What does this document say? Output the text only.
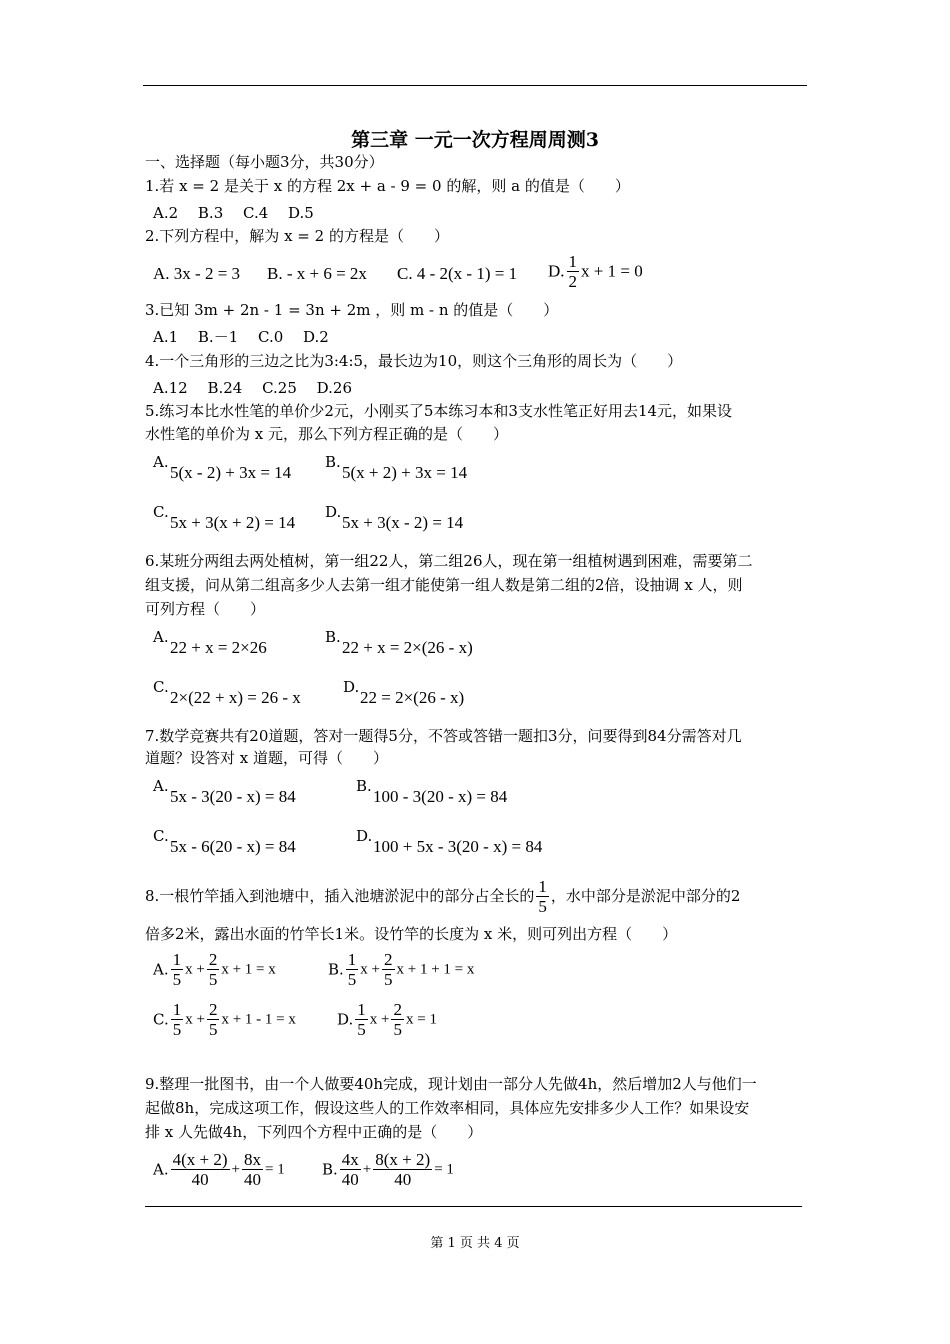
第三章 一元一次方程周周测3
一、选择题（每小题3分，共30分）
1.若 x = 2 是关于 x 的方程 2x + a - 9 = 0 的解，则 a 的值是（　　）
A.2　 B.3　 C.4　 D.5
2.下列方程中，解为 x = 2 的方程是（　　）
A. 3x - 2 = 3 B. - x + 6 = 2x C. 4 - 2(x - 1) = 1 D. $\frac{1}{2}$ x + 1 = 0
3.已知 3m + 2n - 1 = 3n + 2m ，则 m - n 的值是（　　）
A.1　 B.－1　 C.0　 D.2
4.一个三角形的三边之比为3:4:5，最长边为10，则这个三角形的周长为（　　）
A.12　 B.24　 C.25　 D.26
5.练习本比水性笔的单价少2元，小刚买了5本练习本和3支水性笔正好用去14元，如果设
水性笔的单价为 x 元，那么下列方程正确的是（　　）
A.
5(x - 2) + 3x = 14
B.
5(x + 2) + 3x = 14
C.
5x + 3(x + 2) = 14
D.
5x + 3(x - 2) = 14
6.某班分两组去两处植树，第一组22人，第二组26人，现在第一组植树遇到困难，需要第二
组支援，问从第二组高多少人去第一组才能使第一组人数是第二组的2倍，设抽调 x 人，则
可列方程（　　）
A.
22 + x = 2×26
B.
22 + x = 2×(26 - x)
C.
2×(22 + x) = 26 - x
D.
22 = 2×(26 - x)
7.数学竞赛共有20道题，答对一题得5分，不答或答错一题扣3分，问要得到84分需答对几
道题？设答对 x 道题，可得（　　）
A.
5x - 3(20 - x) = 84
B.
100 - 3(20 - x) = 84
C.
5x - 6(20 - x) = 84
D.
100 + 5x - 3(20 - x) = 84
8.一根竹竿插入到池塘中，插入池塘淤泥中的部分占全长的 $\frac{1}{5}$ ，水中部分是淤泥中部分的2
倍多2米，露出水面的竹竿长1米。设竹竿的长度为 x 米，则可列出方程（　　）
A. $\frac{1}{5}$ $x + \frac{2}{5}$ x + 1 = x	B. $\frac{1}{5}$ $x + \frac{2}{5}$ x + 1 + 1 = x
C. $\frac{1}{5}$ $x + \frac{2}{5}$ x + 1 - 1 = x	D. $\frac{1}{5}$ $x + \frac{2}{5}$ x = 1
9.整理一批图书，由一个人做要40h完成，现计划由一部分人先做4h，然后增加2人与他们一
起做8h，完成这项工作，假设这些人的工作效率相同，具体应先安排多少人工作？如果设安
排 x 人先做4h，下列四个方程中正确的是（　　）
A. $\frac{4(x + 2)}{40} + \frac{8x}{40} = 1$ B. $\frac{4x}{40} + \frac{8(x + 2)}{40} = 1$
第 1 页 共 4 页
